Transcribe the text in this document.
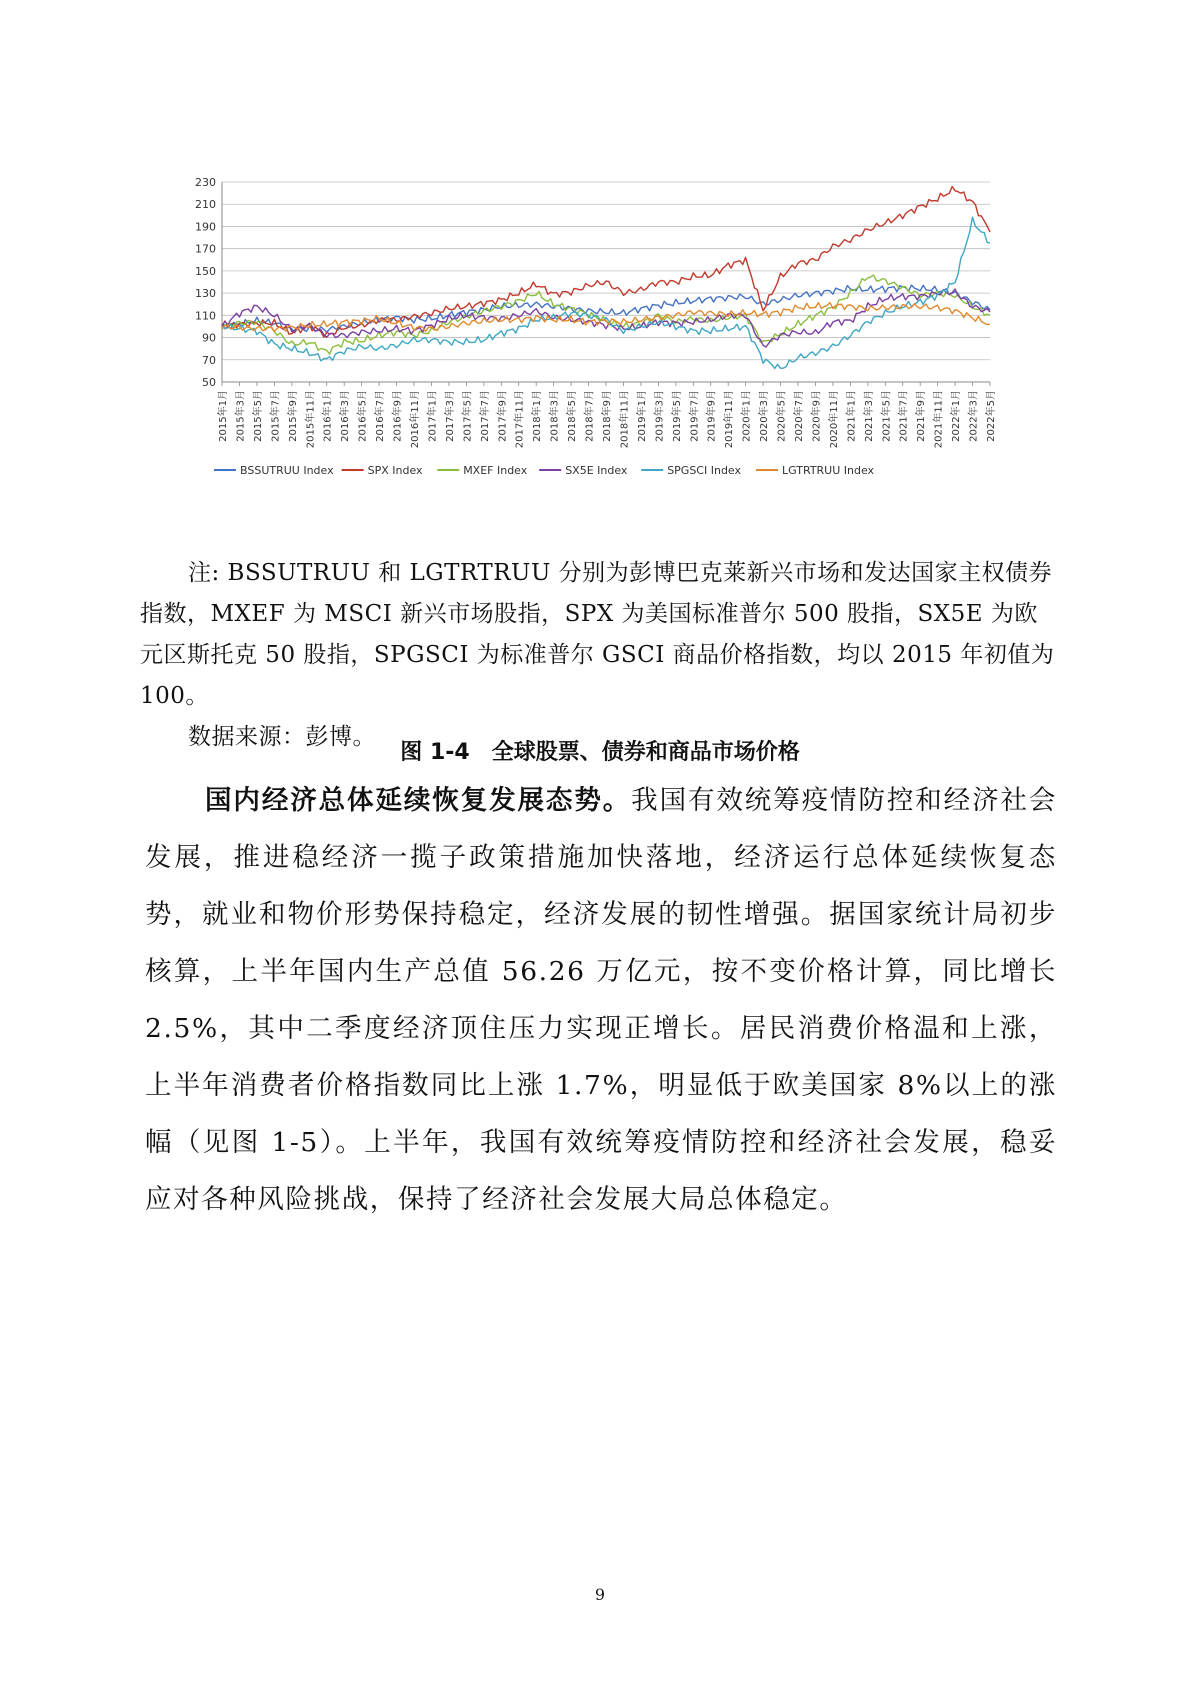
50
70
90
110
130
150
170
190
210
230
2015年1月 2015年3月 2015年5月 2015年7月 2015年9月 2015年11月 2016年1月 2016年3月 2016年5月 2016年7月 2016年9月 2016年11月 2017年1月 2017年3月 2017年5月 2017年7月 2017年9月 2017年11月 2018年1月 2018年3月 2018年5月 2018年7月 2018年9月 2018年11月 2019年1月 2019年3月 2019年5月 2019年7月 2019年9月 2019年11月 2020年1月 2020年3月 2020年5月 2020年7月 2020年9月 2020年11月 2021年1月 2021年3月 2021年5月 2021年7月 2021年9月 2021年11月 2022年1月 2022年3月 2022年5月
BSSUTRUU Index	SPX Index	MXEF Index	SX5E Index	SPGSCI Index	LGTRTRUU Index

注: BSSUTRUU 和 LGTRTRUU 分别为彭博巴克莱新兴市场和发达国家主权债券指数，MXEF 为 MSCI 新兴市场股指，SPX 为美国标准普尔 500 股指，SX5E 为欧元区斯托克 50 股指，SPGSCI 为标准普尔 GSCI 商品价格指数，均以 2015 年初值为 100。

数据来源：彭博。

图 1-4 全球股票、债券和商品市场价格

国内经济总体延续恢复发展态势。我国有效统筹疫情防控和经济社会发展，推进稳经济一揽子政策措施加快落地，经济运行总体延续恢复态势，就业和物价形势保持稳定，经济发展的韧性增强。据国家统计局初步核算，上半年国内生产总值 56.26 万亿元，按不变价格计算，同比增长 2.5%，其中二季度经济顶住压力实现正增长。居民消费价格温和上涨，上半年消费者价格指数同比上涨 1.7%，明显低于欧美国家 8%以上的涨幅（见图 1-5）。上半年，我国有效统筹疫情防控和经济社会发展，稳妥应对各种风险挑战，保持了经济社会发展大局总体稳定。

9
